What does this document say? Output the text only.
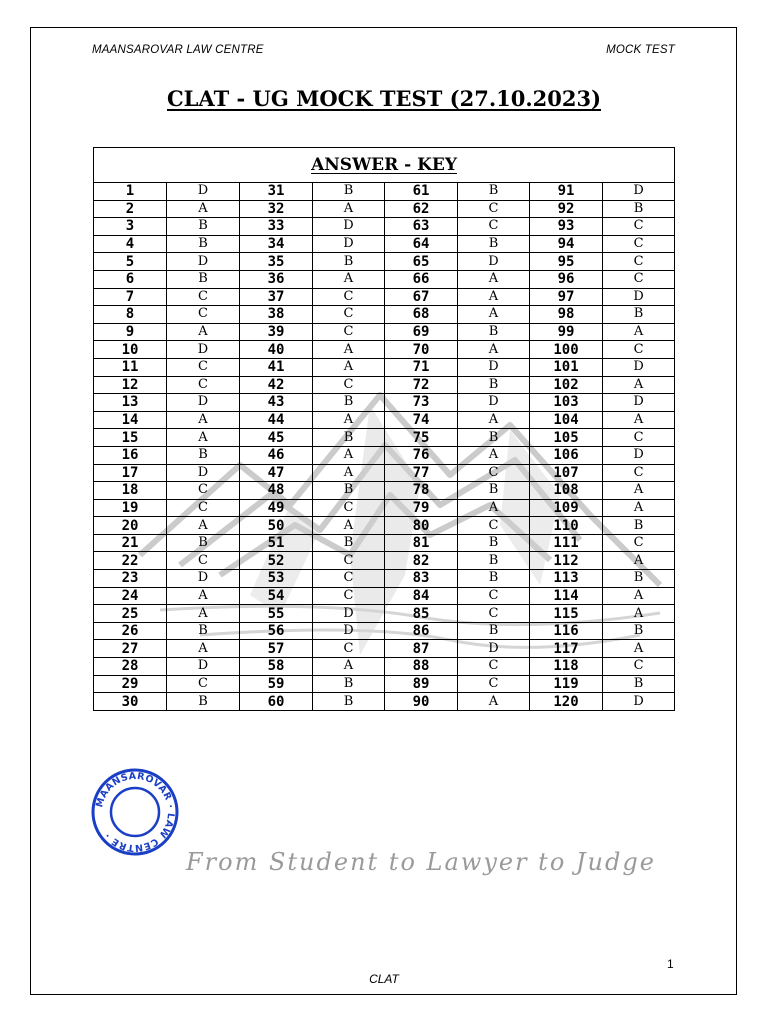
MAANSAROVAR LAW CENTRE	MOCK TEST
CLAT - UG MOCK TEST (27.10.2023)
ANSWER - KEY							
1	D	31	B	61	B	91	D
2	A	32	A	62	C	92	B
3	B	33	D	63	C	93	C
4	B	34	D	64	B	94	C
5	D	35	B	65	D	95	C
6	B	36	A	66	A	96	C
7	C	37	C	67	A	97	D
8	C	38	C	68	A	98	B
9	A	39	C	69	B	99	A
10	D	40	A	70	A	100	C
11	C	41	A	71	D	101	D
12	C	42	C	72	B	102	A
13	D	43	B	73	D	103	D
14	A	44	A	74	A	104	A
15	A	45	B	75	B	105	C
16	B	46	A	76	A	106	D
17	D	47	A	77	C	107	C
18	C	48	B	78	B	108	A
19	C	49	C	79	A	109	A
20	A	50	A	80	C	110	B
21	B	51	B	81	B	111	C
22	C	52	C	82	B	112	A
23	D	53	C	83	B	113	B
24	A	54	C	84	C	114	A
25	A	55	D	85	C	115	A
26	B	56	D	86	B	116	B
27	A	57	C	87	D	117	A
28	D	58	A	88	C	118	C
29	C	59	B	89	C	119	B
30	B	60	B	90	A	120	D
MAANSAROVAR · LAW CENTRE ·
From Student to Lawyer to Judge
1
CLAT
